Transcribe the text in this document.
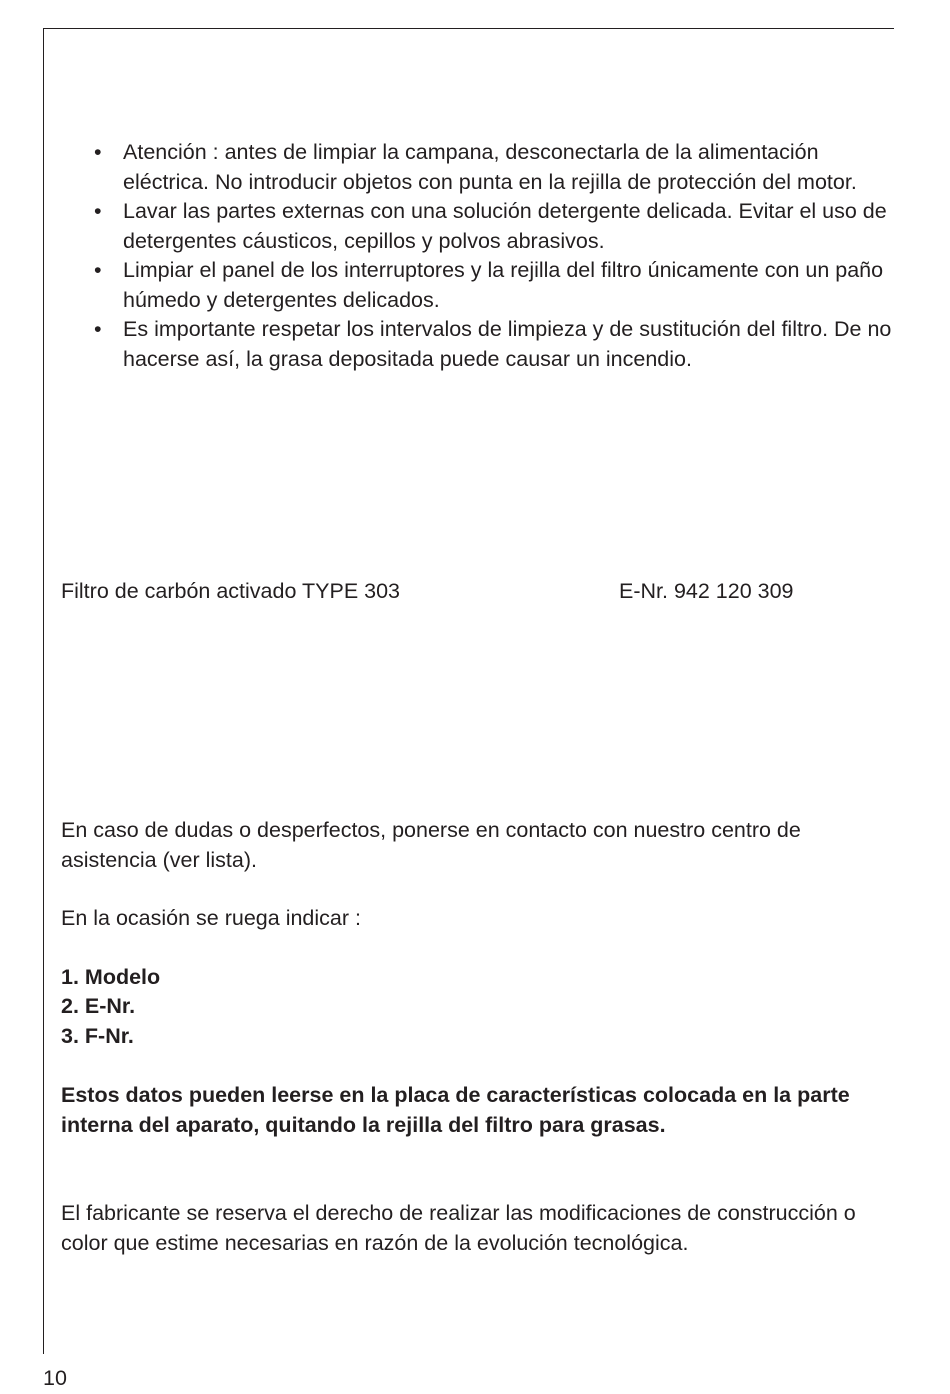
• Atención : antes de limpiar la campana, desconectarla de la alimentación eléctrica. No introducir objetos con punta en la rejilla de protección del motor.
• Lavar las partes externas con una solución detergente delicada. Evitar el uso de detergentes cáusticos, cepillos y polvos abrasivos.
• Limpiar el panel de los interruptores y la rejilla del filtro únicamente con un paño húmedo y detergentes delicados.
• Es importante respetar los intervalos de limpieza y de sustitución del filtro. De no hacerse así, la grasa depositada puede causar un incendio.
Filtro de carbón activado TYPE 303	E-Nr. 942 120 309

En caso de dudas o desperfectos, ponerse en contacto con nuestro centro de asistencia (ver lista).

En la ocasión se ruega indicar :

1. Modelo

2. E-Nr.

3. F-Nr.

Estos datos pueden leerse en la placa de características colocada en la parte interna del aparato, quitando la rejilla del filtro para grasas.

El fabricante se reserva el derecho de realizar las modificaciones de construcción o color que estime necesarias en razón de la evolución tecnológica.

10
